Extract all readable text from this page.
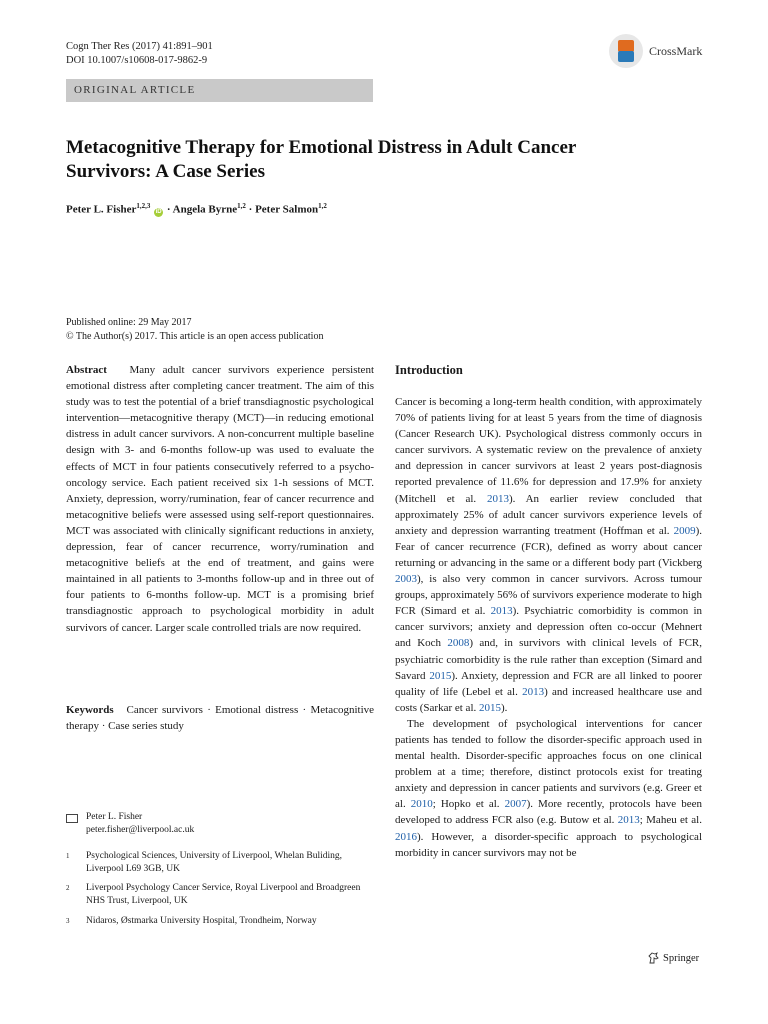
Cogn Ther Res (2017) 41:891–901
DOI 10.1007/s10608-017-9862-9
CrossMark
ORIGINAL ARTICLE
Metacognitive Therapy for Emotional Distress in Adult Cancer Survivors: A Case Series
Peter L. Fisher$^{1,2,3}$ iD · Angela Byrne$^{1,2}$ · Peter Salmon$^{1,2}$
Published online: 29 May 2017
© The Author(s) 2017. This article is an open access publication

Abstract Many adult cancer survivors experience persistent emotional distress after completing cancer treatment. The aim of this study was to test the potential of a brief transdiagnostic psychological intervention—metacognitive therapy (MCT)—in reducing emotional distress in adult cancer survivors. A non-concurrent multiple baseline design with 3- and 6-months follow-up was used to evaluate the effects of MCT in four patients consecutively referred to a psycho-oncology service. Each patient received six 1-h sessions of MCT. Anxiety, depression, worry/rumination, fear of cancer recurrence and metacognitive beliefs were assessed using self-report questionnaires. MCT was associated with clinically significant reductions in anxiety, depression, fear of cancer recurrence, worry/rumination and metacognitive beliefs at the end of treatment, and gains were maintained in all patients to 3-months follow-up and in three out of four patients to 6-months follow-up. MCT is a promising brief transdiagnostic approach to psychological morbidity in adult survivors of cancer. Larger scale controlled trials are now required.

Keywords Cancer survivors · Emotional distress · Metacognitive therapy · Case series study

Peter L. Fisher
peter.fisher@liverpool.ac.uk
1	Psychological Sciences, University of Liverpool, Whelan Buliding, Liverpool L69 3GB, UK
2	Liverpool Psychology Cancer Service, Royal Liverpool and Broadgreen NHS Trust, Liverpool, UK
3	Nidaros, Østmarka University Hospital, Trondheim, Norway
Introduction

Cancer is becoming a long-term health condition, with approximately 70% of patients living for at least 5 years from the time of diagnosis (Cancer Research UK). Psychological distress commonly occurs in cancer survivors. A systematic review on the prevalence of anxiety and depression in cancer survivors at least 2 years post-diagnosis reported prevalence of 11.6% for depression and 17.9% for anxiety (Mitchell et al. 2013). An earlier review concluded that approximately 25% of adult cancer survivors experience levels of anxiety and depression warranting treatment (Hoffman et al. 2009). Fear of cancer recurrence (FCR), defined as worry about cancer returning or advancing in the same or a different body part (Vickberg 2003), is also very common in cancer survivors. Across tumour groups, approximately 56% of survivors experience moderate to high FCR (Simard et al. 2013). Psychiatric comorbidity is common in cancer survivors; anxiety and depression often co-occur (Mehnert and Koch 2008) and, in survivors with clinical levels of FCR, psychiatric comorbidity is the rule rather than exception (Simard and Savard 2015). Anxiety, depression and FCR are all linked to poorer quality of life (Lebel et al. 2013) and increased healthcare use and costs (Sarkar et al. 2015).

The development of psychological interventions for cancer patients has tended to follow the disorder-specific approach used in mental health. Disorder-specific approaches focus on one clinical problem at a time; therefore, distinct protocols exist for treating anxiety and depression in cancer patients and survivors (e.g. Greer et al. 2010; Hopko et al. 2007). More recently, protocols have been developed to address FCR also (e.g. Butow et al. 2013; Maheu et al. 2016). However, a disorder-specific approach to psychological morbidity in cancer survivors may not be

Springer
